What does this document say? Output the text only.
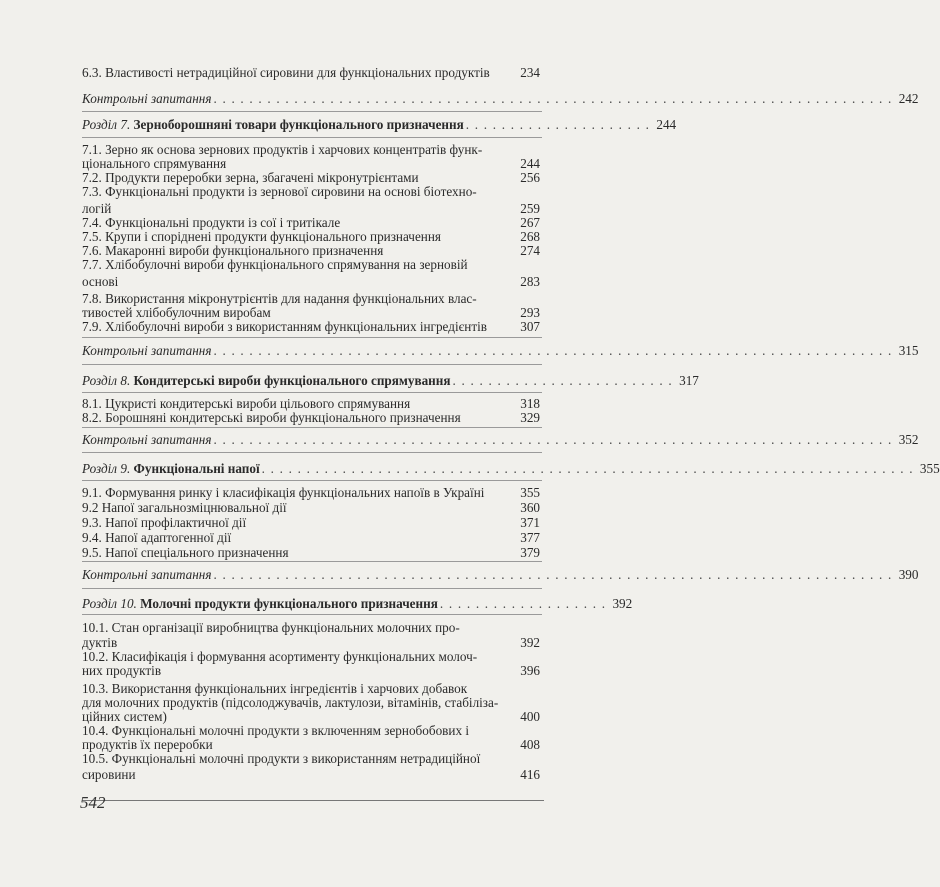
6.3. Властивості нетрадиційної сировини для функціональних продуктів	234
Контрольні запитання . . . . . . . . . . . . . . . . . . . . . . . . . . . . . . . . . . . . . . . . . . . . . . . . . . . . . . . . . . . . . . . . . . . . . . . . . . . . 242
Розділ 7. Зерноборошняні товари функціонального призначення . . . . . . . . . . . . . . . . . . . . . 244
7.1. Зерно як основа зернових продуктів і харчових концентратів функ-
ціонального спрямування	244
7.2. Продукти переробки зерна, збагачені мікронутрієнтами	256
7.3. Функціональні продукти із зернової сировини на основі біотехно-
логій	259
7.4. Функціональні продукти із сої і тритікале	267
7.5. Крупи і споріднені продукти функціонального призначення	268
7.6. Макаронні вироби функціонального призначення	274
7.7. Хлібобулочні вироби функціонального спрямування на зерновій
основі	283
7.8. Використання мікронутрієнтів для надання функціональних влас-
тивостей хлібобулочним виробам	293
7.9. Хлібобулочні вироби з використанням функціональних інгредієнтів	307
Контрольні запитання . . . . . . . . . . . . . . . . . . . . . . . . . . . . . . . . . . . . . . . . . . . . . . . . . . . . . . . . . . . . . . . . . . . . . . . . . . . . 315
Розділ 8. Кондитерські вироби функціонального спрямування . . . . . . . . . . . . . . . . . . . . . . . . . 317
8.1. Цукристі кондитерські вироби цільового спрямування	318
8.2. Борошняні кондитерські вироби функціонального призначення	329
Контрольні запитання . . . . . . . . . . . . . . . . . . . . . . . . . . . . . . . . . . . . . . . . . . . . . . . . . . . . . . . . . . . . . . . . . . . . . . . . . . . . 352
Розділ 9. Функціональні напої . . . . . . . . . . . . . . . . . . . . . . . . . . . . . . . . . . . . . . . . . . . . . . . . . . . . . . . . . . . . . . . . . . . . . . . . . 355
9.1. Формування ринку і класифікація функціональних напоїв в Україні	355
9.2 Напої загальнозміцнювальної дії	360
9.3. Напої профілактичної дії	371
9.4. Напої адаптогенної дії	377
9.5. Напої спеціального призначення	379
Контрольні запитання . . . . . . . . . . . . . . . . . . . . . . . . . . . . . . . . . . . . . . . . . . . . . . . . . . . . . . . . . . . . . . . . . . . . . . . . . . . . 390
Розділ 10. Молочні продукти функціонального призначення . . . . . . . . . . . . . . . . . . . 392
10.1. Стан організації виробництва функціональних молочних про-
дуктів	392
10.2. Класифікація і формування асортименту функціональних молоч-
них продуктів	396
10.3. Використання функціональних інгредієнтів і харчових добавок
для молочних продуктів (підсолоджувачів, лактулози, вітамінів, стабіліза-
ційних систем)	400
10.4. Функціональні молочні продукти з включенням зернобобових і
продуктів їх переробки	408
10.5. Функціональні молочні продукти з використанням нетрадиційної
сировини	416
542
